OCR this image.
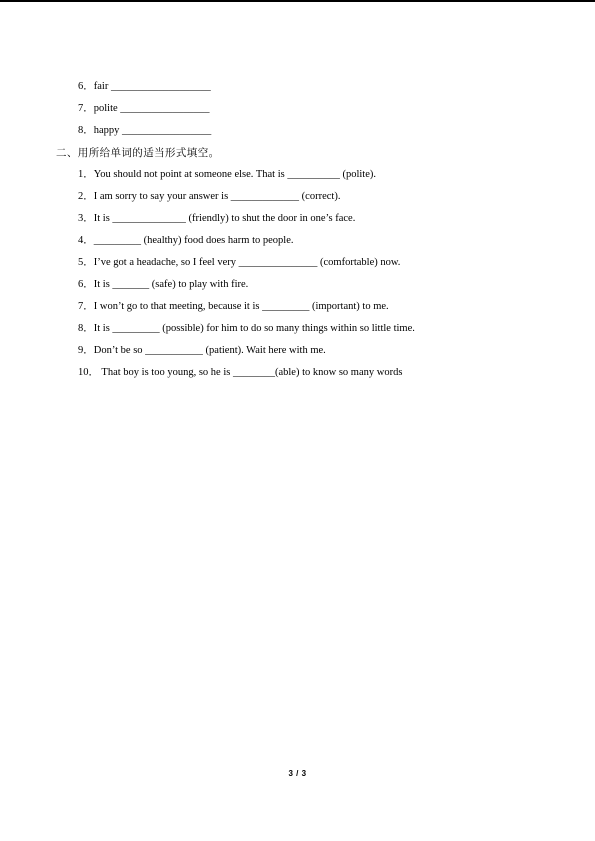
6．fair ___________________
7．polite _________________
8．happy _________________
二、用所给单词的适当形式填空。
1．You should not point at someone else. That is __________ (polite).
2．I am sorry to say your answer is _____________ (correct).
3．It is ______________ (friendly) to shut the door in one’s face.
4．_________ (healthy) food does harm to people.
5．I’ve got a headache, so I feel very _______________ (comfortable) now.
6．It is _______ (safe) to play with fire.
7．I won’t go to that meeting, because it is _________ (important) to me.
8．It is _________ (possible) for him to do so many things within so little time.
9．Don’t be so ___________ (patient). Wait here with me.
10． That boy is too young, so he is ________(able) to know so many words
3 / 3
